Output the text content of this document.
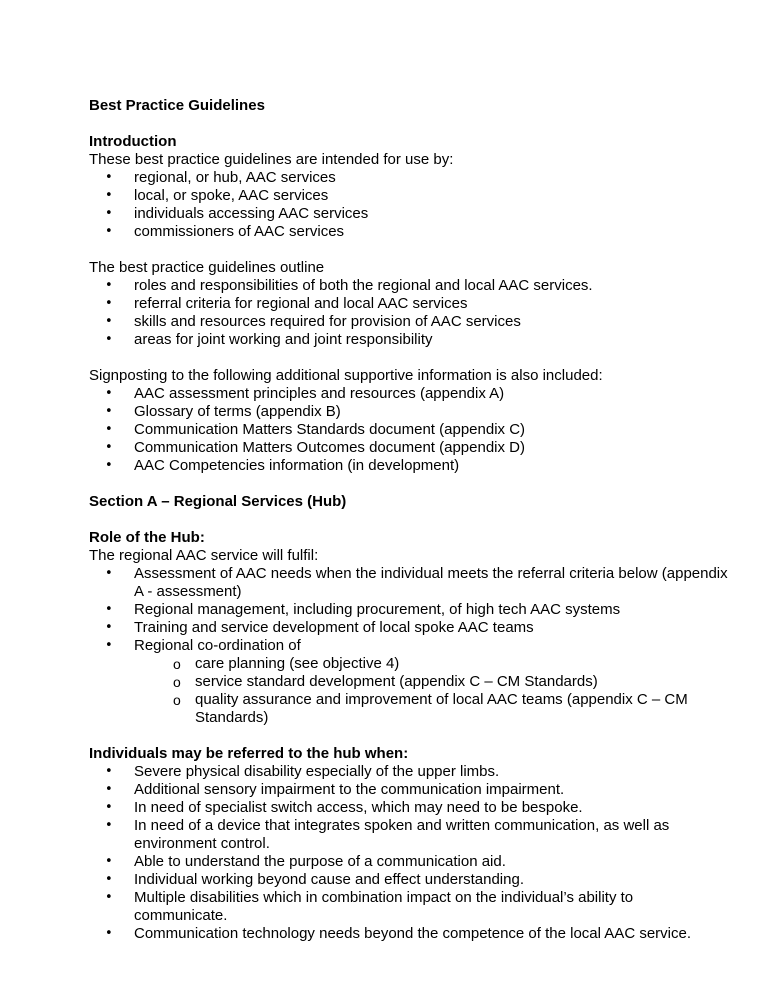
Best Practice Guidelines

Introduction

These best practice guidelines are intended for use by:

• regional, or hub, AAC services
• local, or spoke, AAC services
• individuals accessing AAC services
• commissioners of AAC services

The best practice guidelines outline

• roles and responsibilities of both the regional and local AAC services.
• referral criteria for regional and local AAC services
• skills and resources required for provision of AAC services
• areas for joint working and joint responsibility

Signposting to the following additional supportive information is also included:

• AAC assessment principles and resources (appendix A)
• Glossary of terms (appendix B)
• Communication Matters Standards document (appendix C)
• Communication Matters Outcomes document (appendix D)
• AAC Competencies information (in development)

Section A – Regional Services (Hub)

Role of the Hub:

The regional AAC service will fulfil:

• Assessment of AAC needs when the individual meets the referral criteria below (appendix A - assessment)
• Regional management, including procurement, of high tech AAC systems
• Training and service development of local spoke AAC teams
• Regional co-ordination of
o care planning (see objective 4)
o service standard development (appendix C – CM Standards)
o quality assurance and improvement of local AAC teams (appendix C – CM Standards)

Individuals may be referred to the hub when:

• Severe physical disability especially of the upper limbs.
• Additional sensory impairment to the communication impairment.
• In need of specialist switch access, which may need to be bespoke.
• In need of a device that integrates spoken and written communication, as well as environment control.
• Able to understand the purpose of a communication aid.
• Individual working beyond cause and effect understanding.
• Multiple disabilities which in combination impact on the individual’s ability to communicate.
• Communication technology needs beyond the competence of the local AAC service.
